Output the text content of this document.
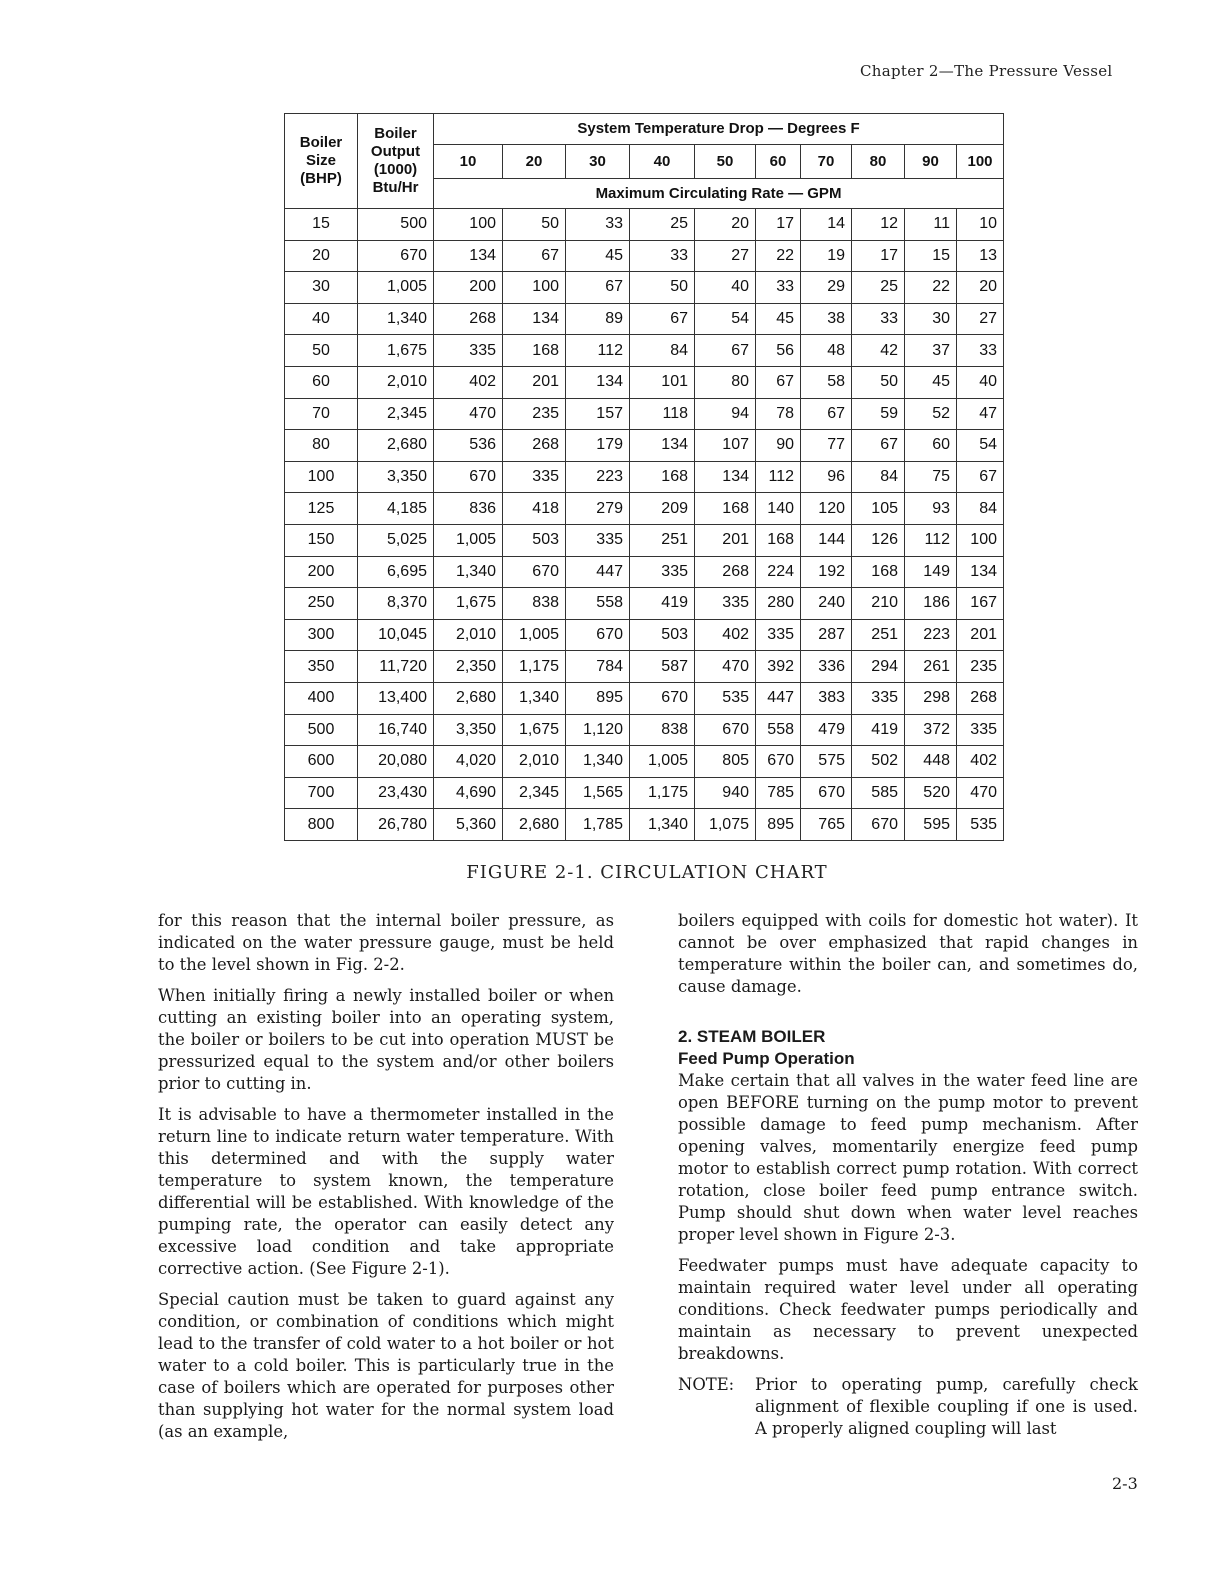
Chapter 2—The Pressure Vessel
Boiler
Size
(BHP)	Boiler
Output
(1000)
Btu/Hr	System Temperature Drop — Degrees F									
		10	20	30	40	50	60	70	80	90	100
		Maximum Circulating Rate — GPM									
15	500	100	50	33	25	20	17	14	12	11	10
20	670	134	67	45	33	27	22	19	17	15	13
30	1,005	200	100	67	50	40	33	29	25	22	20
40	1,340	268	134	89	67	54	45	38	33	30	27
50	1,675	335	168	112	84	67	56	48	42	37	33
60	2,010	402	201	134	101	80	67	58	50	45	40
70	2,345	470	235	157	118	94	78	67	59	52	47
80	2,680	536	268	179	134	107	90	77	67	60	54
100	3,350	670	335	223	168	134	112	96	84	75	67
125	4,185	836	418	279	209	168	140	120	105	93	84
150	5,025	1,005	503	335	251	201	168	144	126	112	100
200	6,695	1,340	670	447	335	268	224	192	168	149	134
250	8,370	1,675	838	558	419	335	280	240	210	186	167
300	10,045	2,010	1,005	670	503	402	335	287	251	223	201
350	11,720	2,350	1,175	784	587	470	392	336	294	261	235
400	13,400	2,680	1,340	895	670	535	447	383	335	298	268
500	16,740	3,350	1,675	1,120	838	670	558	479	419	372	335
600	20,080	4,020	2,010	1,340	1,005	805	670	575	502	448	402
700	23,430	4,690	2,345	1,565	1,175	940	785	670	585	520	470
800	26,780	5,360	2,680	1,785	1,340	1,075	895	765	670	595	535
FIGURE 2-1. CIRCULATION CHART

for this reason that the internal boiler pressure, as indicated on the water pressure gauge, must be held to the level shown in Fig. 2-2.

When initially firing a newly installed boiler or when cutting an existing boiler into an operating system, the boiler or boilers to be cut into operation MUST be pressurized equal to the system and/or other boilers prior to cutting in.

It is advisable to have a thermometer installed in the return line to indicate return water temperature. With this determined and with the supply water temperature to system known, the temperature differential will be established. With knowledge of the pumping rate, the operator can easily detect any excessive load condition and take appropriate corrective action. (See Figure 2-1).

Special caution must be taken to guard against any condition, or combination of conditions which might lead to the transfer of cold water to a hot boiler or hot water to a cold boiler. This is particularly true in the case of boilers which are operated for purposes other than supplying hot water for the normal system load (as an example,

boilers equipped with coils for domestic hot water). It cannot be over emphasized that rapid changes in temperature within the boiler can, and sometimes do, cause damage.

2. STEAM BOILER
Feed Pump Operation

Make certain that all valves in the water feed line are open BEFORE turning on the pump motor to prevent possible damage to feed pump mechanism. After opening valves, momentarily energize feed pump motor to establish correct pump rotation. With correct rotation, close boiler feed pump entrance switch. Pump should shut down when water level reaches proper level shown in Figure 2-3.

Feedwater pumps must have adequate capacity to maintain required water level under all operating conditions. Check feedwater pumps periodically and maintain as necessary to prevent unexpected breakdowns.

NOTE:	Prior to operating pump, carefully check alignment of flexible coupling if one is used. A properly aligned coupling will last
2-3
